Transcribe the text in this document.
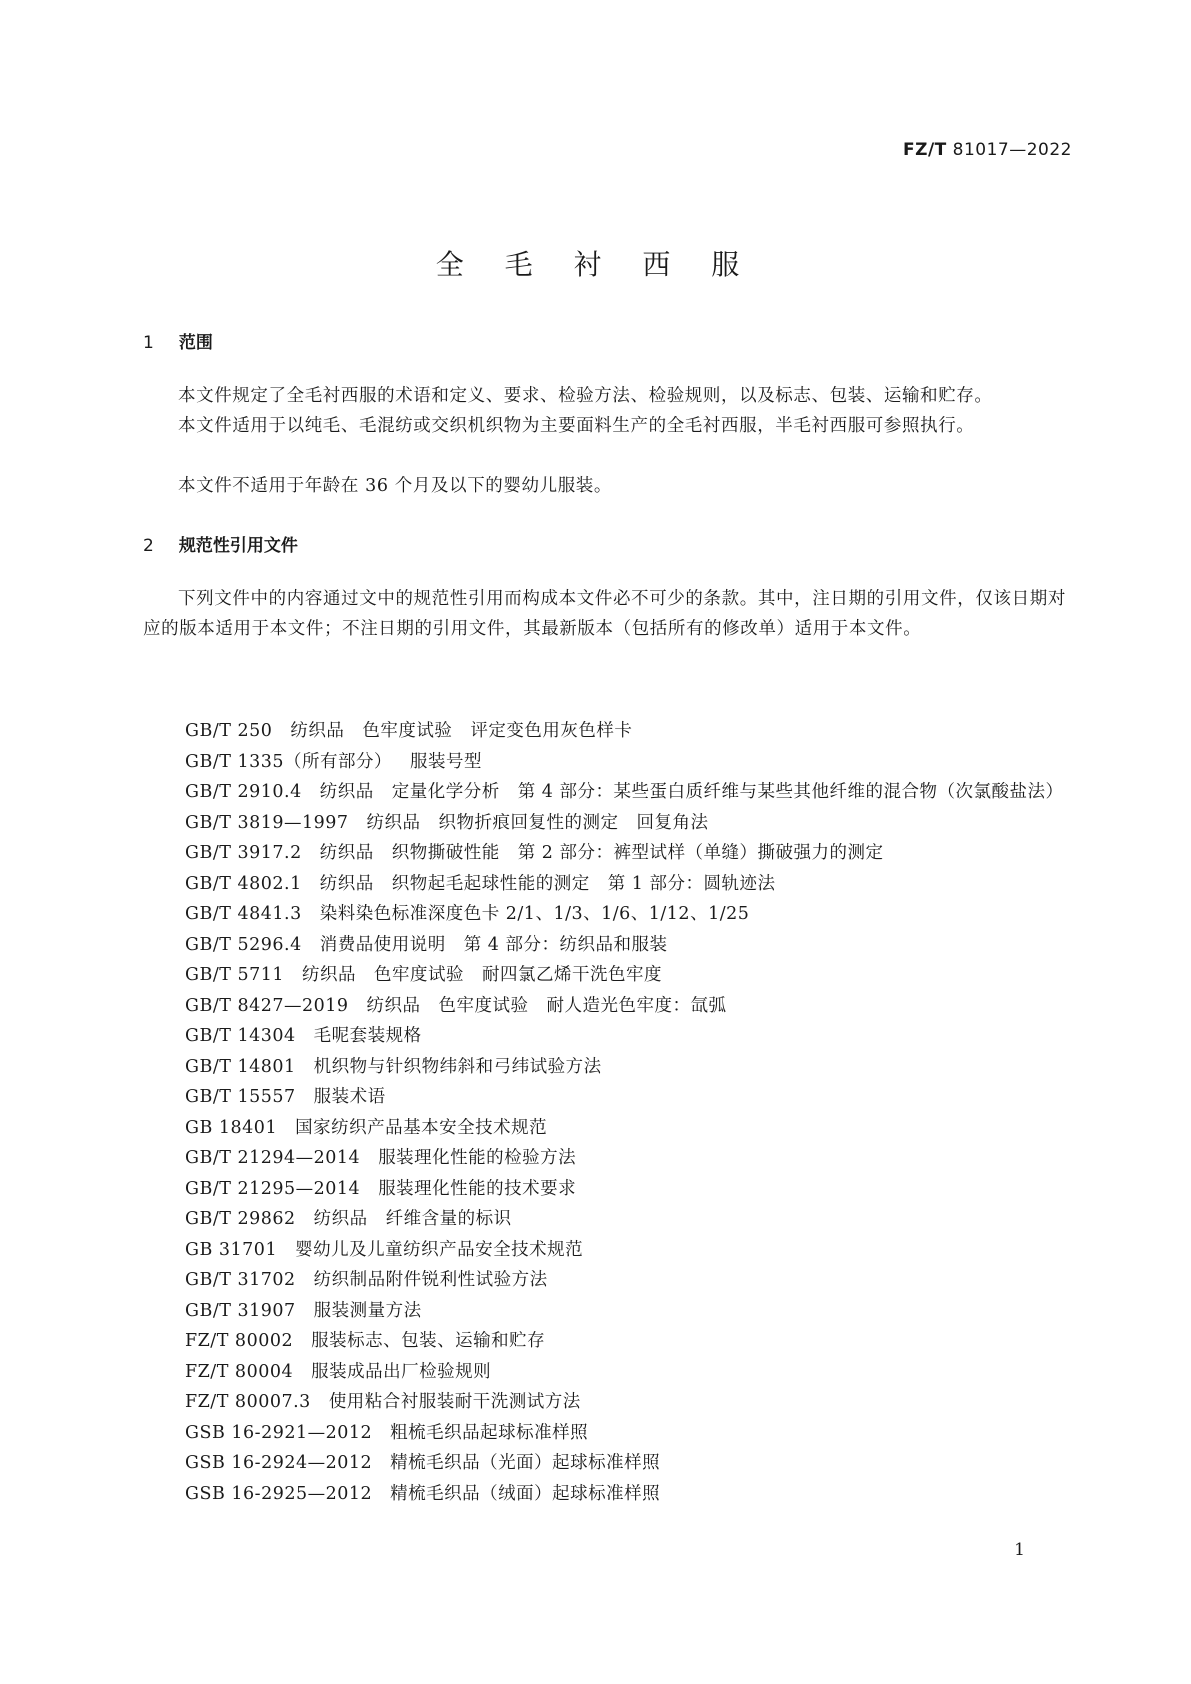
FZ/T 81017—2022
全 毛 衬 西 服
1 范围

本文件规定了全毛衬西服的术语和定义、要求、检验方法、检验规则，以及标志、包装、运输和贮存。

本文件适用于以纯毛、毛混纺或交织机织物为主要面料生产的全毛衬西服，半毛衬西服可参照执行。

本文件不适用于年龄在 36 个月及以下的婴幼儿服装。

2 规范性引用文件

下列文件中的内容通过文中的规范性引用而构成本文件必不可少的条款。其中，注日期的引用文件，仅该日期对应的版本适用于本文件；不注日期的引用文件，其最新版本（包括所有的修改单）适用于本文件。

GB/T 250 纺织品　色牢度试验　评定变色用灰色样卡
GB/T 1335（所有部分） 服装号型
GB/T 2910.4 纺织品　定量化学分析　第 4 部分：某些蛋白质纤维与某些其他纤维的混合物（次氯酸盐法）
GB/T 3819—1997 纺织品　织物折痕回复性的测定　回复角法
GB/T 3917.2 纺织品　织物撕破性能　第 2 部分：裤型试样（单缝）撕破强力的测定
GB/T 4802.1 纺织品　织物起毛起球性能的测定　第 1 部分：圆轨迹法
GB/T 4841.3 染料染色标准深度色卡 2/1、1/3、1/6、1/12、1/25
GB/T 5296.4 消费品使用说明　第 4 部分：纺织品和服装
GB/T 5711 纺织品　色牢度试验　耐四氯乙烯干洗色牢度
GB/T 8427—2019 纺织品　色牢度试验　耐人造光色牢度：氙弧
GB/T 14304 毛呢套装规格
GB/T 14801 机织物与针织物纬斜和弓纬试验方法
GB/T 15557 服装术语
GB 18401 国家纺织产品基本安全技术规范
GB/T 21294—2014 服装理化性能的检验方法
GB/T 21295—2014 服装理化性能的技术要求
GB/T 29862 纺织品　纤维含量的标识
GB 31701 婴幼儿及儿童纺织产品安全技术规范
GB/T 31702 纺织制品附件锐利性试验方法
GB/T 31907 服装测量方法
FZ/T 80002 服装标志、包装、运输和贮存
FZ/T 80004 服装成品出厂检验规则
FZ/T 80007.3 使用粘合衬服装耐干洗测试方法
GSB 16-2921—2012 粗梳毛织品起球标准样照
GSB 16-2924—2012 精梳毛织品（光面）起球标准样照
GSB 16-2925—2012 精梳毛织品（绒面）起球标准样照
1
